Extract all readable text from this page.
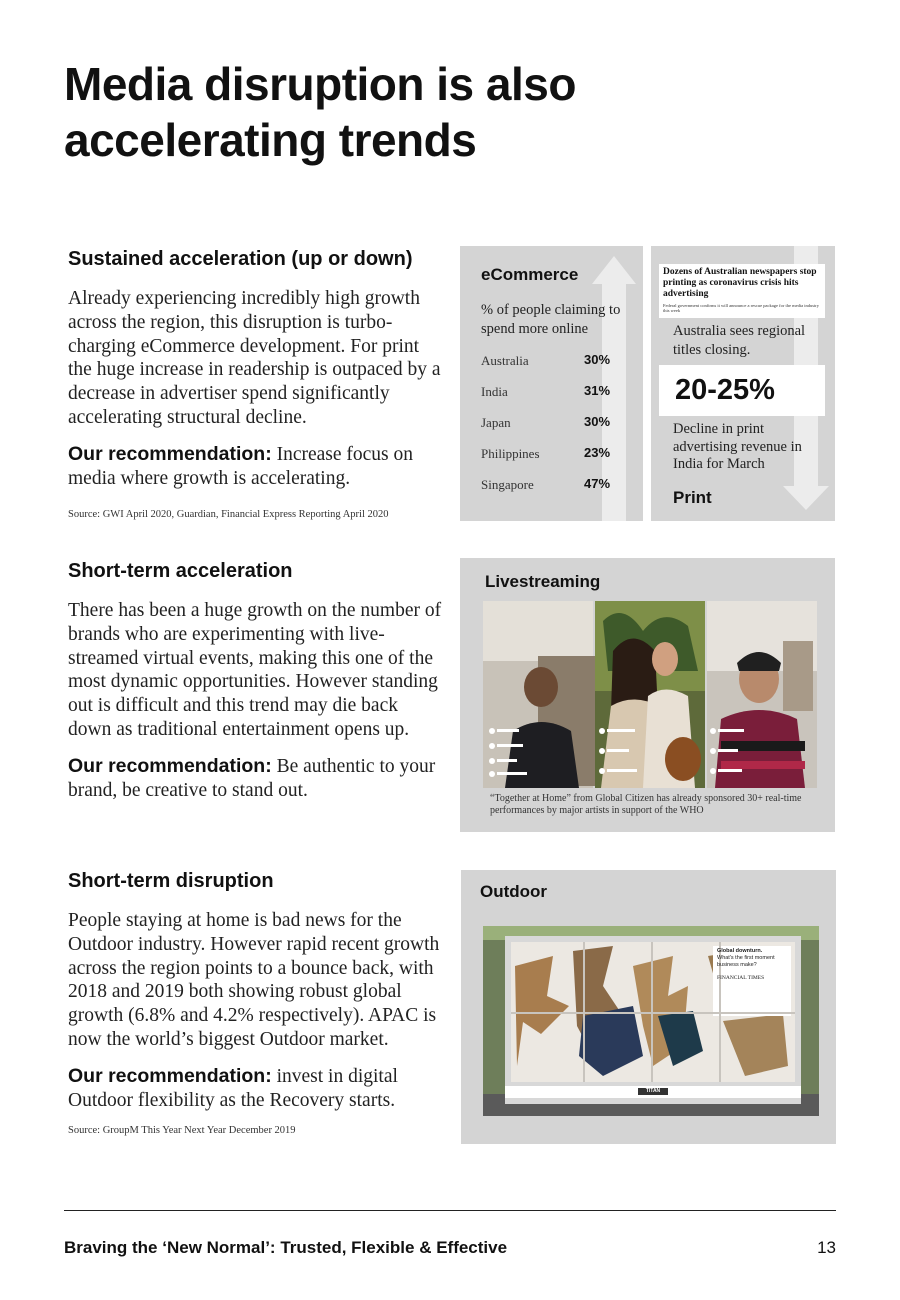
Media disruption is also
accelerating trends
Sustained acceleration (up or down)

Already experiencing incredibly high growth across the region, this disruption is turbo-charging eCommerce development. For print the huge increase in readership is outpaced by a decrease in advertiser spend significantly accelerating structural decline.

Our recommendation: Increase focus on media where growth is accelerating.

Source: GWI April 2020, Guardian, Financial Express Reporting April 2020
eCommerce
% of people claiming to spend more online
Australia	30%
India	31%
Japan	30%
Philippines	23%
Singapore	47%
Dozens of Australian newspapers stop printing as coronavirus crisis hits advertising
Federal government confirms it will announce a rescue package for the media industry this week
Australia sees regional titles closing.
20-25%
Decline in print advertising revenue in India for March
Print
Short-term acceleration

There has been a huge growth on the number of brands who are experimenting with live-streamed virtual events, making this one of the most dynamic opportunities. However standing out is difficult and this trend may die back down as traditional entertainment opens up.

Our recommendation: Be authentic to your brand, be creative to stand out.

Livestreaming
“Together at Home” from Global Citizen has already sponsored 30+ real-time performances by major artists in support of the WHO
Short-term disruption

People staying at home is bad news for the Outdoor industry. However rapid recent growth across the region points to a bounce back, with 2018 and 2019 both showing robust global growth (6.8% and 4.2% respectively). APAC is now the world’s biggest Outdoor market.

Our recommendation: invest in digital Outdoor flexibility as the Recovery starts.

Source: GroupM This Year Next Year December 2019
Outdoor
Global downturn.
What's the first moment business make?
FINANCIAL TIMES
TITAN
Braving the ‘New Normal’: Trusted, Flexible & Effective	13
